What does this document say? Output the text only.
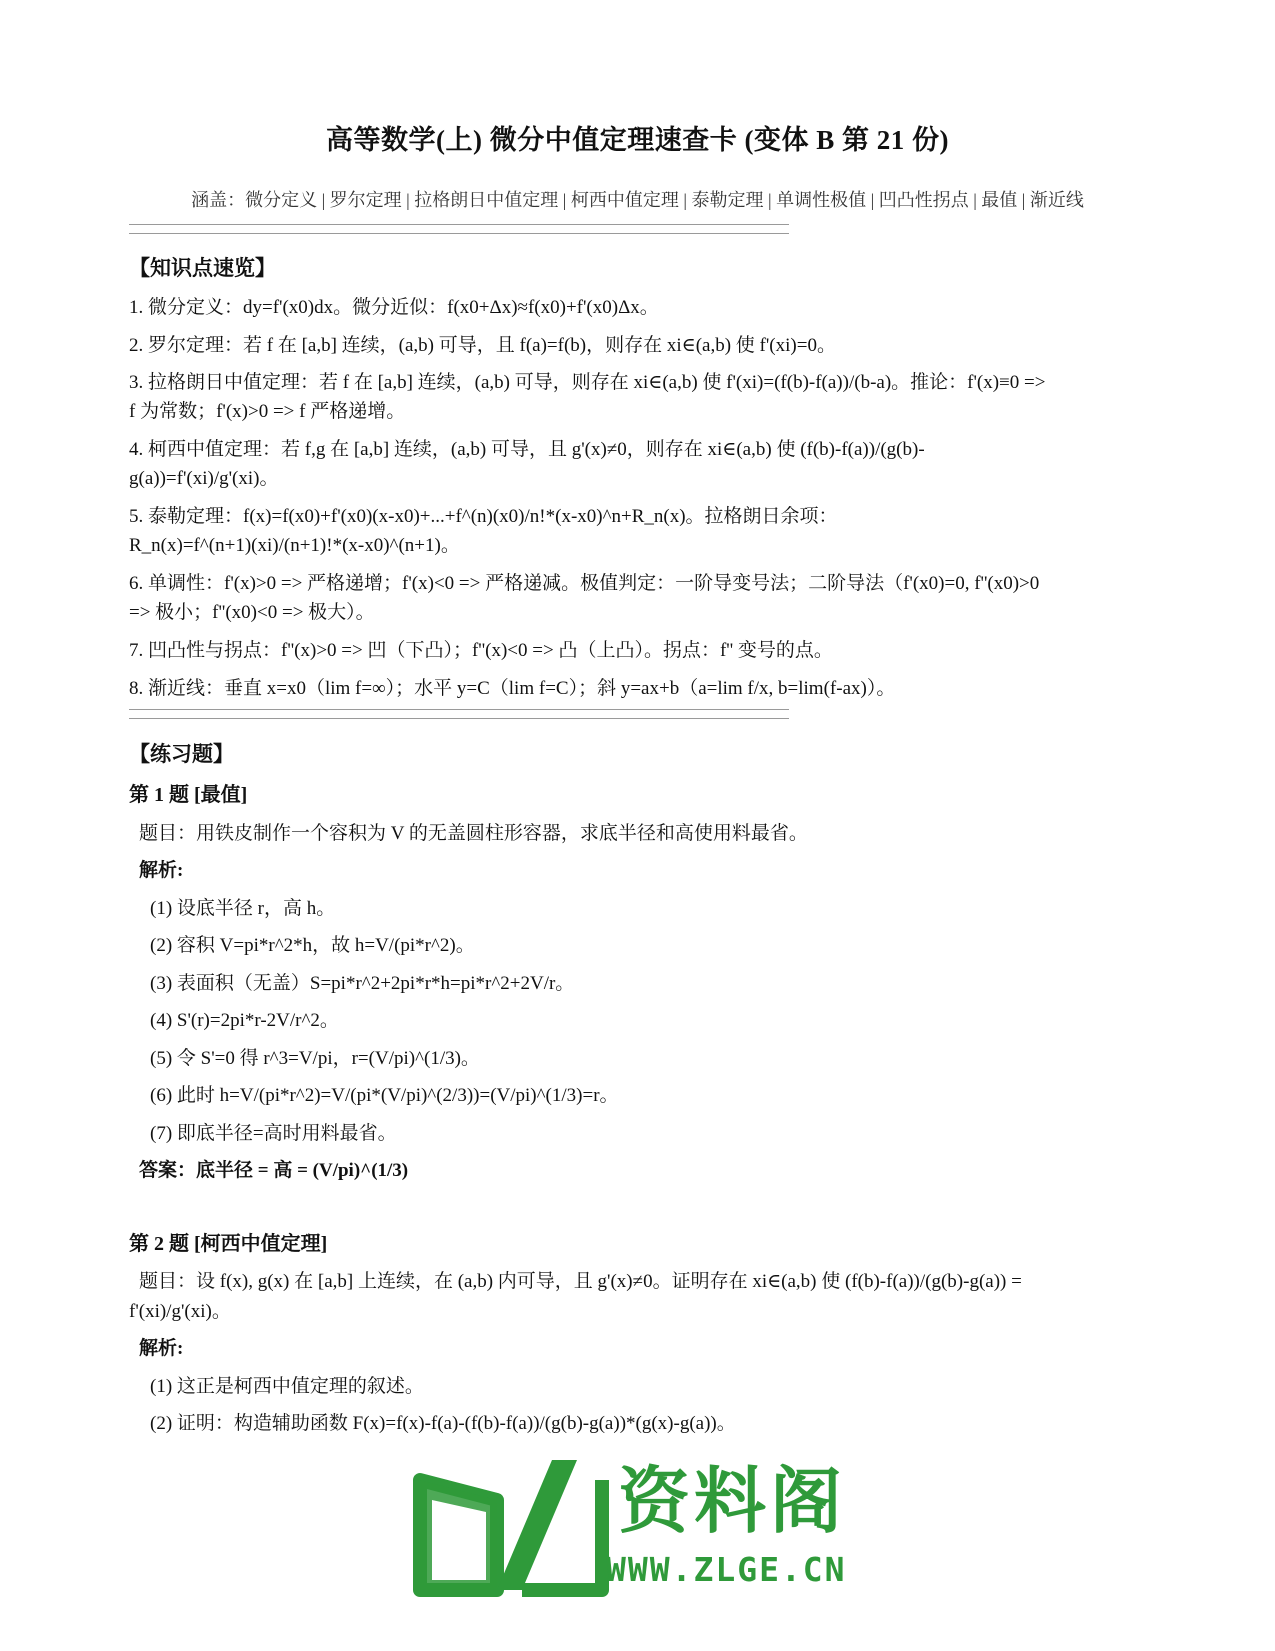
高等数学(上) 微分中值定理速查卡 (变体 B 第 21 份)
涵盖：微分定义 | 罗尔定理 | 拉格朗日中值定理 | 柯西中值定理 | 泰勒定理 | 单调性极值 | 凹凸性拐点 | 最值 | 渐近线
【知识点速览】
1. 微分定义：dy=f'(x0)dx。微分近似：f(x0+Δx)≈f(x0)+f'(x0)Δx。
2. 罗尔定理：若 f 在 [a,b] 连续，(a,b) 可导，且 f(a)=f(b)，则存在 xi∈(a,b) 使 f'(xi)=0。
3. 拉格朗日中值定理：若 f 在 [a,b] 连续，(a,b) 可导，则存在 xi∈(a,b) 使 f'(xi)=(f(b)-f(a))/(b-a)。推论：f'(x)≡0 =>
f 为常数；f'(x)>0 => f 严格递增。
4. 柯西中值定理：若 f,g 在 [a,b] 连续，(a,b) 可导，且 g'(x)≠0，则存在 xi∈(a,b) 使 (f(b)-f(a))/(g(b)-
g(a))=f'(xi)/g'(xi)。
5. 泰勒定理：f(x)=f(x0)+f'(x0)(x-x0)+...+f^(n)(x0)/n!*(x-x0)^n+R_n(x)。拉格朗日余项：
R_n(x)=f^(n+1)(xi)/(n+1)!*(x-x0)^(n+1)。
6. 单调性：f'(x)>0 => 严格递增；f'(x)<0 => 严格递减。极值判定：一阶导变号法；二阶导法（f'(x0)=0, f''(x0)>0
=> 极小；f''(x0)<0 => 极大）。
7. 凹凸性与拐点：f''(x)>0 => 凹（下凸）；f''(x)<0 => 凸（上凸）。拐点：f'' 变号的点。
8. 渐近线：垂直 x=x0（lim f=∞）；水平 y=C（lim f=C）；斜 y=ax+b（a=lim f/x, b=lim(f-ax)）。
【练习题】
第 1 题 [最值]
题目：用铁皮制作一个容积为 V 的无盖圆柱形容器，求底半径和高使用料最省。
解析:
(1) 设底半径 r，高 h。
(2) 容积 V=pi*r^2*h，故 h=V/(pi*r^2)。
(3) 表面积（无盖）S=pi*r^2+2pi*r*h=pi*r^2+2V/r。
(4) S'(r)=2pi*r-2V/r^2。
(5) 令 S'=0 得 r^3=V/pi，r=(V/pi)^(1/3)。
(6) 此时 h=V/(pi*r^2)=V/(pi*(V/pi)^(2/3))=(V/pi)^(1/3)=r。
(7) 即底半径=高时用料最省。
答案：底半径 = 高 = (V/pi)^(1/3)
第 2 题 [柯西中值定理]
题目：设 f(x), g(x) 在 [a,b] 上连续，在 (a,b) 内可导，且 g'(x)≠0。证明存在 xi∈(a,b) 使 (f(b)-f(a))/(g(b)-g(a)) =
f'(xi)/g'(xi)。
解析:
(1) 这正是柯西中值定理的叙述。
(2) 证明：构造辅助函数 F(x)=f(x)-f(a)-(f(b)-f(a))/(g(b)-g(a))*(g(x)-g(a))。
资料阁
WWW.ZLGE.CN
